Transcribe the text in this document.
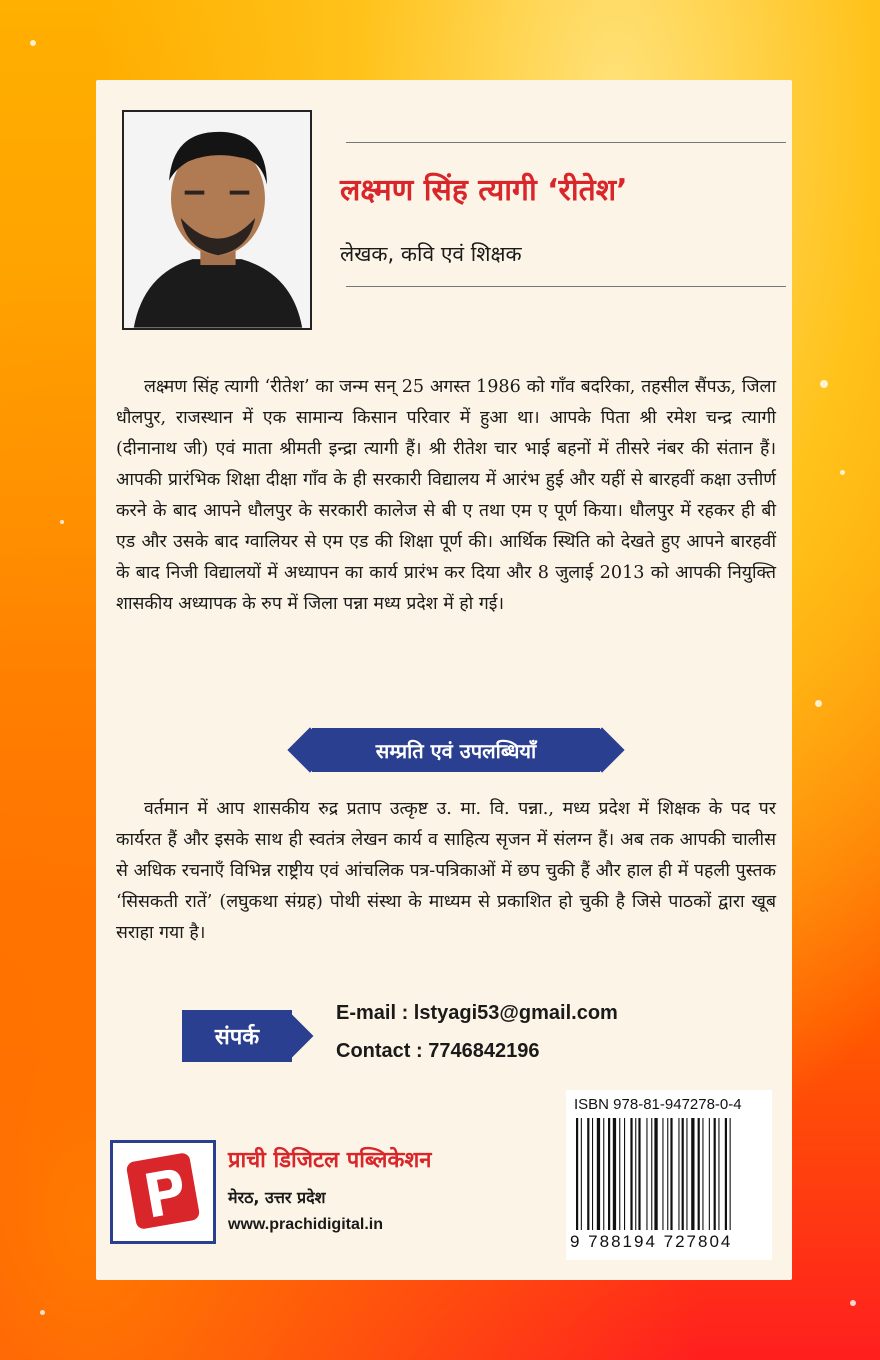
लक्ष्मण सिंह त्यागी ‘रीतेश’
लेखक, कवि एवं शिक्षक

लक्ष्मण सिंह त्यागी ‘रीतेश’ का जन्म सन् 25 अगस्त 1986 को गाँव बदरिका, तहसील सैंपऊ, जिला धौलपुर, राजस्थान में एक सामान्य किसान परिवार में हुआ था। आपके पिता श्री रमेश चन्द्र त्यागी (दीनानाथ जी) एवं माता श्रीमती इन्द्रा त्यागी हैं। श्री रीतेश चार भाई बहनों में तीसरे नंबर की संतान हैं। आपकी प्रारंभिक शिक्षा दीक्षा गाँव के ही सरकारी विद्यालय में आरंभ हुई और यहीं से बारहवीं कक्षा उत्तीर्ण करने के बाद आपने धौलपुर के सरकारी कालेज से बी ए तथा एम ए पूर्ण किया। धौलपुर में रहकर ही बी एड और उसके बाद ग्वालियर से एम एड की शिक्षा पूर्ण की। आर्थिक स्थिति को देखते हुए आपने बारहवीं के बाद निजी विद्यालयों में अध्यापन का कार्य प्रारंभ कर दिया और 8 जुलाई 2013 को आपकी नियुक्ति शासकीय अध्यापक के रुप में जिला पन्ना मध्य प्रदेश में हो गई।

सम्प्रति एवं उपलब्धियाँ

वर्तमान में आप शासकीय रुद्र प्रताप उत्कृष्ट उ. मा. वि. पन्ना., मध्य प्रदेश में शिक्षक के पद पर कार्यरत हैं और इसके साथ ही स्वतंत्र लेखन कार्य व साहित्य सृजन में संलग्न हैं। अब तक आपकी चालीस से अधिक रचनाएँ विभिन्न राष्ट्रीय एवं आंचलिक पत्र-पत्रिकाओं में छप चुकी हैं और हाल ही में पहली पुस्तक ‘सिसकती रातें’ (लघुकथा संग्रह) पोथी संस्था के माध्यम से प्रकाशित हो चुकी है जिसे पाठकों द्वारा खूब सराहा गया है।

संपर्क
E-mail : lstyagi53@gmail.com
Contact : 7746842196
ISBN 978-81-947278-0-4
9 788194 727804
प्राची डिजिटल पब्लिकेशन
मेरठ, उत्तर प्रदेश
www.prachidigital.in
